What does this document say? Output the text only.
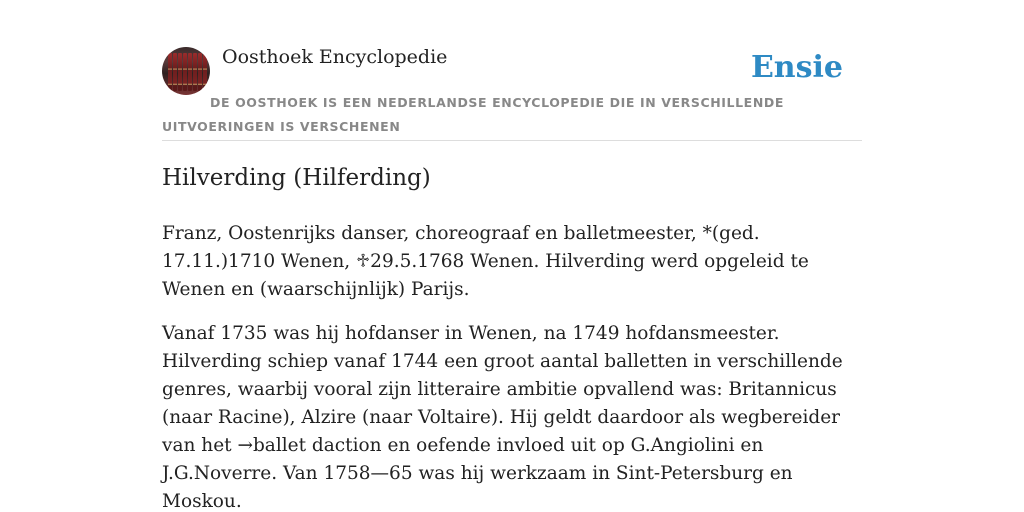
Oosthoek Encyclopedie	Ensie
DE OOSTHOEK IS EEN NEDERLANDSE ENCYCLOPEDIE DIE IN VERSCHILLENDE UITVOERINGEN IS VERSCHENEN
Hilverding (Hilferding)

Franz, Oostenrijks danser, choreograaf en balletmeester, *(ged. 17.11.)1710 Wenen, ♱29.5.1768 Wenen. Hilverding werd opgeleid te Wenen en (waarschijnlijk) Parijs.

Vanaf 1735 was hij hofdanser in Wenen, na 1749 hofdansmeester. Hilverding schiep vanaf 1744 een groot aantal balletten in verschillende genres, waarbij vooral zijn litteraire ambitie opvallend was: Britannicus (naar Racine), Alzire (naar Voltaire). Hij geldt daardoor als wegbereider van het →ballet daction en oefende invloed uit op G.Angiolini en J.G.Noverre. Van 1758—65 was hij werkzaam in Sint-Petersburg en Moskou.
